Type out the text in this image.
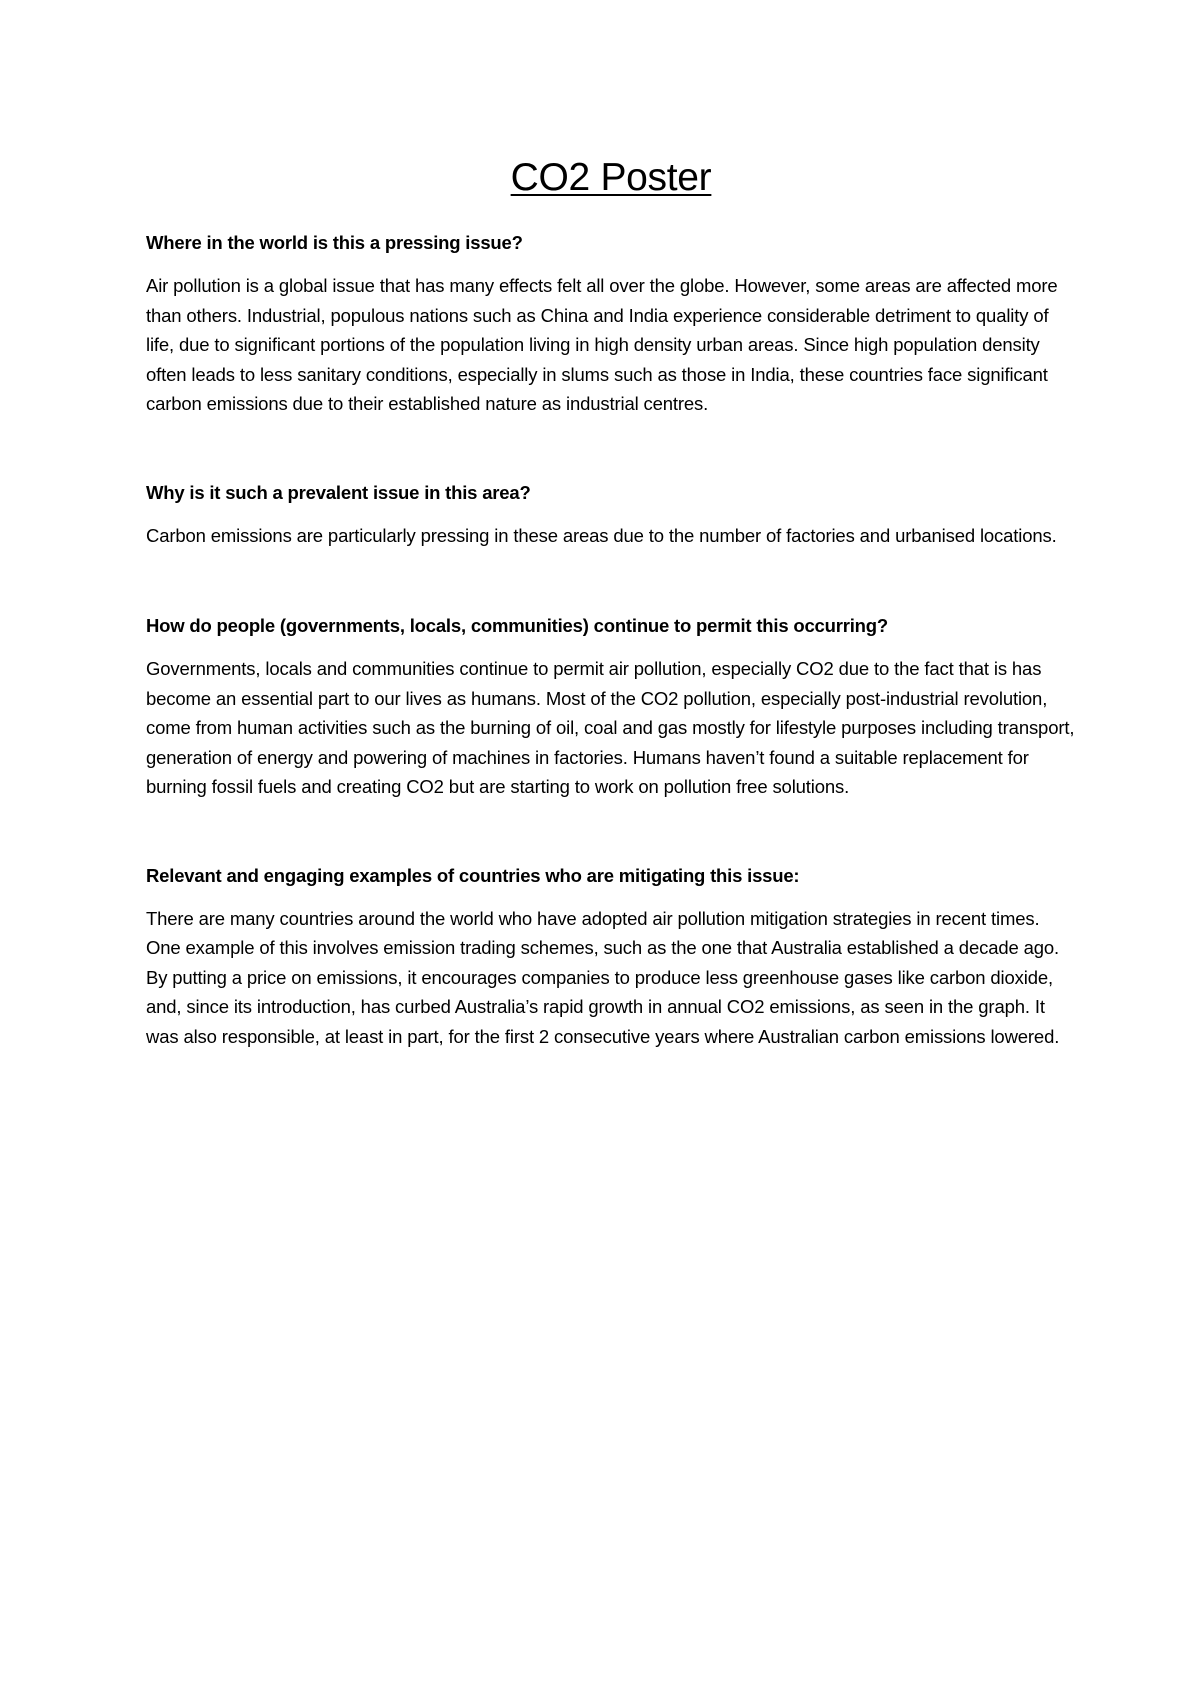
CO2 Poster
Where in the world is this a pressing issue?

Air pollution is a global issue that has many effects felt all over the globe. However, some areas are affected more than others. Industrial, populous nations such as China and India experience considerable detriment to quality of life, due to significant portions of the population living in high density urban areas. Since high population density often leads to less sanitary conditions, especially in slums such as those in India, these countries face significant carbon emissions due to their established nature as industrial centres.

Why is it such a prevalent issue in this area?

Carbon emissions are particularly pressing in these areas due to the number of factories and urbanised locations.

How do people (governments, locals, communities) continue to permit this occurring?

Governments, locals and communities continue to permit air pollution, especially CO2 due to the fact that is has become an essential part to our lives as humans. Most of the CO2 pollution, especially post-industrial revolution, come from human activities such as the burning of oil, coal and gas mostly for lifestyle purposes including transport, generation of energy and powering of machines in factories. Humans haven’t found a suitable replacement for burning fossil fuels and creating CO2 but are starting to work on pollution free solutions.

Relevant and engaging examples of countries who are mitigating this issue:

There are many countries around the world who have adopted air pollution mitigation strategies in recent times. One example of this involves emission trading schemes, such as the one that Australia established a decade ago. By putting a price on emissions, it encourages companies to produce less greenhouse gases like carbon dioxide, and, since its introduction, has curbed Australia’s rapid growth in annual CO2 emissions, as seen in the graph. It was also responsible, at least in part, for the first 2 consecutive years where Australian carbon emissions lowered.
